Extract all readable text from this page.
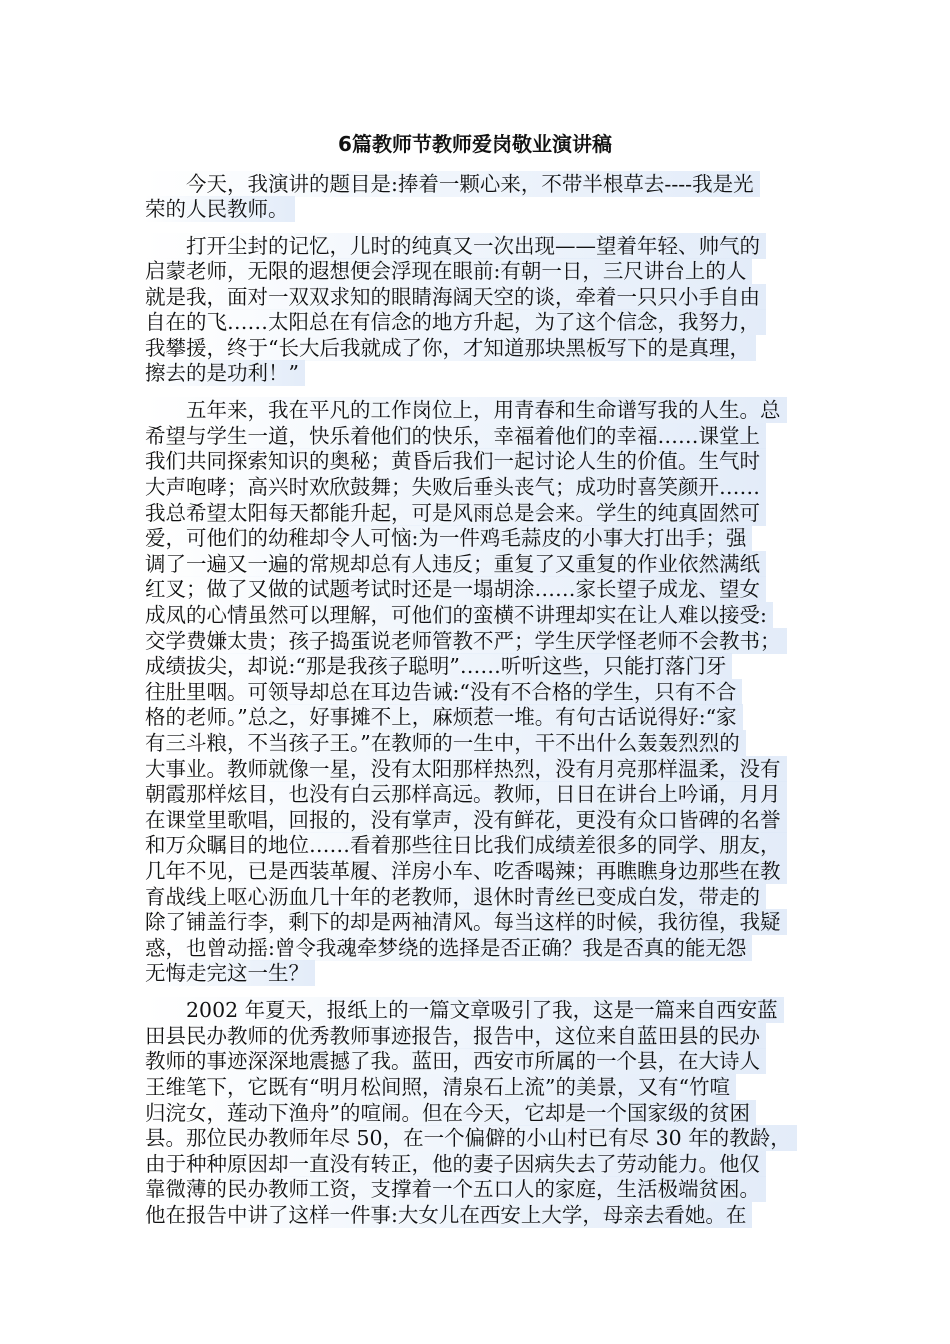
6篇教师节教师爱岗敬业演讲稿
　　今天，我演讲的题目是:捧着一颗心来，不带半根草去----我是光
荣的人民教师。
　　打开尘封的记忆，儿时的纯真又一次出现——望着年轻、帅气的
启蒙老师，无限的遐想便会浮现在眼前:有朝一日，三尺讲台上的人
就是我，面对一双双求知的眼睛海阔天空的谈，牵着一只只小手自由
自在的飞……太阳总在有信念的地方升起，为了这个信念，我努力，
我攀援，终于“长大后我就成了你，才知道那块黑板写下的是真理，
擦去的是功利！”
　　五年来，我在平凡的工作岗位上，用青春和生命谱写我的人生。总
希望与学生一道，快乐着他们的快乐，幸福着他们的幸福……课堂上
我们共同探索知识的奥秘；黄昏后我们一起讨论人生的价值。生气时
大声咆哮；高兴时欢欣鼓舞；失败后垂头丧气；成功时喜笑颜开……
我总希望太阳每天都能升起，可是风雨总是会来。学生的纯真固然可
爱，可他们的幼稚却令人可恼:为一件鸡毛蒜皮的小事大打出手；强
调了一遍又一遍的常规却总有人违反；重复了又重复的作业依然满纸
红叉；做了又做的试题考试时还是一塌胡涂……家长望子成龙、望女
成凤的心情虽然可以理解，可他们的蛮横不讲理却实在让人难以接受:
交学费嫌太贵；孩子捣蛋说老师管教不严；学生厌学怪老师不会教书；
成绩拔尖，却说:“那是我孩子聪明”……听听这些，只能打落门牙
往肚里咽。可领导却总在耳边告诫:“没有不合格的学生，只有不合
格的老师。”总之，好事摊不上，麻烦惹一堆。有句古话说得好:“家
有三斗粮，不当孩子王。”在教师的一生中，干不出什么轰轰烈烈的
大事业。教师就像一星，没有太阳那样热烈，没有月亮那样温柔，没有
朝霞那样炫目，也没有白云那样高远。教师，日日在讲台上吟诵，月月
在课堂里歌唱，回报的，没有掌声，没有鲜花，更没有众口皆碑的名誉
和万众瞩目的地位……看着那些往日比我们成绩差很多的同学、朋友，
几年不见，已是西装革履、洋房小车、吃香喝辣；再瞧瞧身边那些在教
育战线上呕心沥血几十年的老教师，退休时青丝已变成白发，带走的
除了铺盖行李，剩下的却是两袖清风。每当这样的时候，我彷徨，我疑
惑，也曾动摇:曾令我魂牵梦绕的选择是否正确？我是否真的能无怨
无悔走完这一生？
　　2002 年夏天，报纸上的一篇文章吸引了我，这是一篇来自西安蓝
田县民办教师的优秀教师事迹报告，报告中，这位来自蓝田县的民办
教师的事迹深深地震撼了我。蓝田，西安市所属的一个县，在大诗人
王维笔下，它既有“明月松间照，清泉石上流”的美景，又有“竹喧
归浣女，莲动下渔舟”的喧闹。但在今天，它却是一个国家级的贫困
县。那位民办教师年尽 50，在一个偏僻的小山村已有尽 30 年的教龄，
由于种种原因却一直没有转正，他的妻子因病失去了劳动能力。他仅
靠微薄的民办教师工资，支撑着一个五口人的家庭，生活极端贫困。
他在报告中讲了这样一件事:大女儿在西安上大学，母亲去看她。在
